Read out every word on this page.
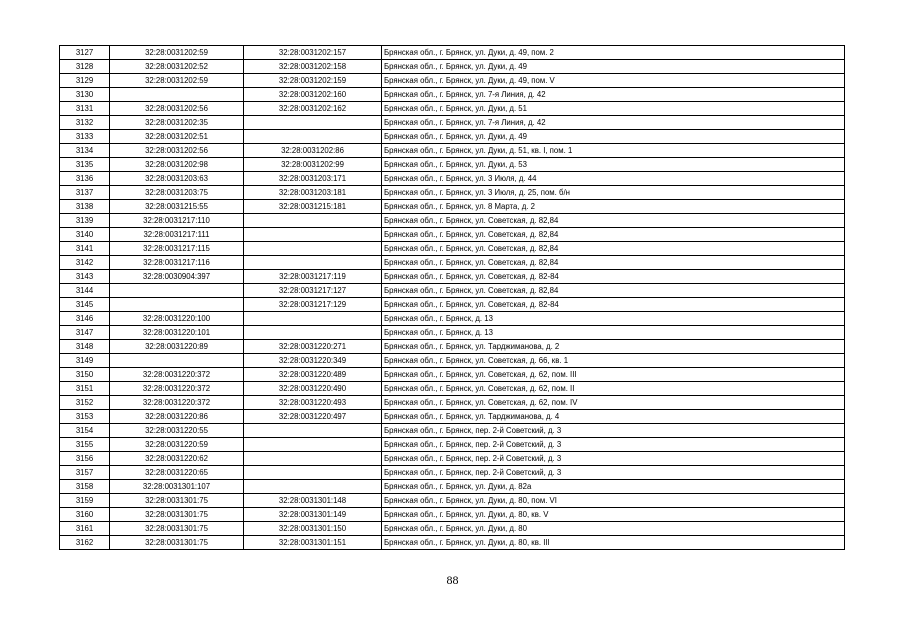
3127	32:28:0031202:59	32:28:0031202:157	Брянская обл., г. Брянск, ул. Дуки, д. 49, пом. 2
3128	32:28:0031202:52	32:28:0031202:158	Брянская обл., г. Брянск, ул. Дуки, д. 49
3129	32:28:0031202:59	32:28:0031202:159	Брянская обл., г. Брянск, ул. Дуки, д. 49, пом. V
3130		32:28:0031202:160	Брянская обл., г. Брянск, ул. 7-я Линия, д. 42
3131	32:28:0031202:56	32:28:0031202:162	Брянская обл., г. Брянск, ул. Дуки, д. 51
3132	32:28:0031202:35		Брянская обл., г. Брянск, ул. 7-я Линия, д. 42
3133	32:28:0031202:51		Брянская обл., г. Брянск, ул. Дуки, д. 49
3134	32:28:0031202:56	32:28:0031202:86	Брянская обл., г. Брянск, ул. Дуки, д. 51, кв. I, пом. 1
3135	32:28:0031202:98	32:28:0031202:99	Брянская обл., г. Брянск, ул. Дуки, д. 53
3136	32:28:0031203:63	32:28:0031203:171	Брянская обл., г. Брянск, ул. 3 Июля, д. 44
3137	32:28:0031203:75	32:28:0031203:181	Брянская обл., г. Брянск, ул. 3 Июля, д. 25, пом. б/н
3138	32:28:0031215:55	32:28:0031215:181	Брянская обл., г. Брянск, ул. 8 Марта, д. 2
3139	32:28:0031217:110		Брянская обл., г. Брянск, ул. Советская, д. 82,84
3140	32:28:0031217:111		Брянская обл., г. Брянск, ул. Советская, д. 82,84
3141	32:28:0031217:115		Брянская обл., г. Брянск, ул. Советская, д. 82,84
3142	32:28:0031217:116		Брянская обл., г. Брянск, ул. Советская, д. 82,84
3143	32:28:0030904:397	32:28:0031217:119	Брянская обл., г. Брянск, ул. Советская, д. 82-84
3144		32:28:0031217:127	Брянская обл., г. Брянск, ул. Советская, д. 82,84
3145		32:28:0031217:129	Брянская обл., г. Брянск, ул. Советская, д. 82-84
3146	32:28:0031220:100		Брянская обл., г. Брянск, д. 13
3147	32:28:0031220:101		Брянская обл., г. Брянск, д. 13
3148	32:28:0031220:89	32:28:0031220:271	Брянская обл., г. Брянск, ул. Тарджиманова, д. 2
3149		32:28:0031220:349	Брянская обл., г. Брянск, ул. Советская, д. 66, кв. 1
3150	32:28:0031220:372	32:28:0031220:489	Брянская обл., г. Брянск, ул. Советская, д. 62, пом. III
3151	32:28:0031220:372	32:28:0031220:490	Брянская обл., г. Брянск, ул. Советская, д. 62, пом. II
3152	32:28:0031220:372	32:28:0031220:493	Брянская обл., г. Брянск, ул. Советская, д. 62, пом. IV
3153	32:28:0031220:86	32:28:0031220:497	Брянская обл., г. Брянск, ул. Тарджиманова, д. 4
3154	32:28:0031220:55		Брянская обл., г. Брянск, пер. 2-й Советский, д. 3
3155	32:28:0031220:59		Брянская обл., г. Брянск, пер. 2-й Советский, д. 3
3156	32:28:0031220:62		Брянская обл., г. Брянск, пер. 2-й Советский, д. 3
3157	32:28:0031220:65		Брянская обл., г. Брянск, пер. 2-й Советский, д. 3
3158	32:28:0031301:107		Брянская обл., г. Брянск, ул. Дуки, д. 82а
3159	32:28:0031301:75	32:28:0031301:148	Брянская обл., г. Брянск, ул. Дуки, д. 80, пом. VI
3160	32:28:0031301:75	32:28:0031301:149	Брянская обл., г. Брянск, ул. Дуки, д. 80, кв. V
3161	32:28:0031301:75	32:28:0031301:150	Брянская обл., г. Брянск, ул. Дуки, д. 80
3162	32:28:0031301:75	32:28:0031301:151	Брянская обл., г. Брянск, ул. Дуки, д. 80, кв. III
88
